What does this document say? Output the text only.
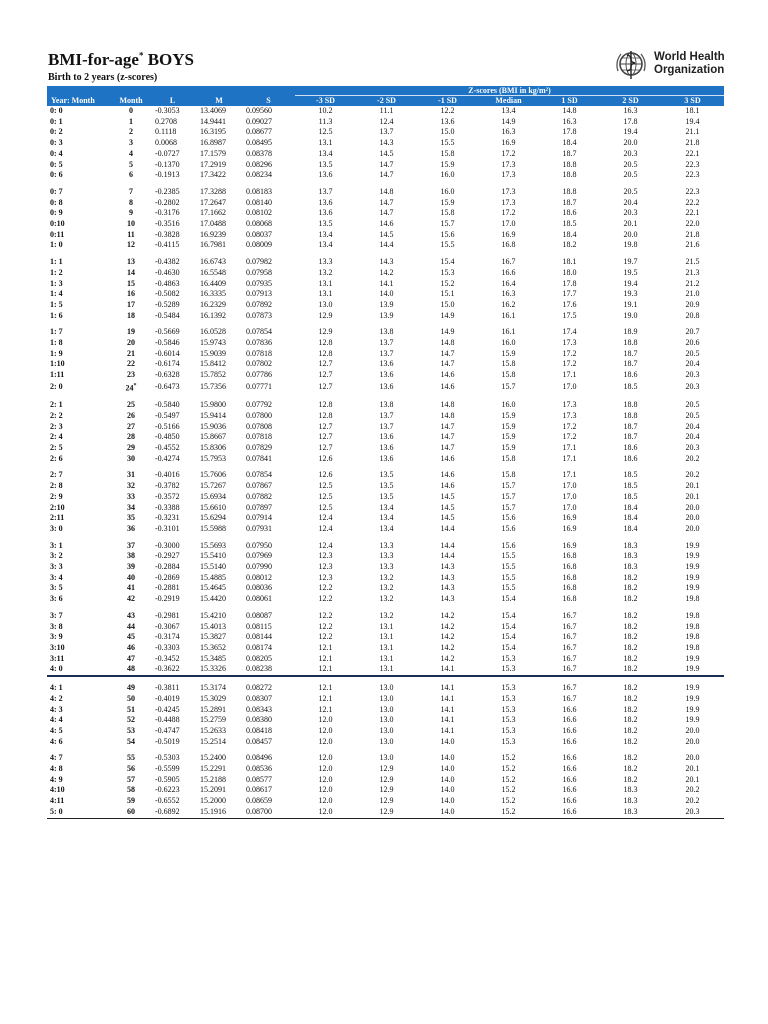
BMI-for-age* BOYS
Birth to 2 years (z-scores)
World Health
Organization
					Z-scores (BMI in kg/m²)						
Year: Month	Month	L	M	S	-3 SD	-2 SD	-1 SD	Median	1 SD	2 SD	3 SD
0: 0	0	-0.3053	13.4069	0.09560	10.2	11.1	12.2	13.4	14.8	16.3	18.1
0: 1	1	0.2708	14.9441	0.09027	11.3	12.4	13.6	14.9	16.3	17.8	19.4
0: 2	2	0.1118	16.3195	0.08677	12.5	13.7	15.0	16.3	17.8	19.4	21.1
0: 3	3	0.0068	16.8987	0.08495	13.1	14.3	15.5	16.9	18.4	20.0	21.8
0: 4	4	-0.0727	17.1579	0.08378	13.4	14.5	15.8	17.2	18.7	20.3	22.1
0: 5	5	-0.1370	17.2919	0.08296	13.5	14.7	15.9	17.3	18.8	20.5	22.3
0: 6	6	-0.1913	17.3422	0.08234	13.6	14.7	16.0	17.3	18.8	20.5	22.3

0: 7	7	-0.2385	17.3288	0.08183	13.7	14.8	16.0	17.3	18.8	20.5	22.3
0: 8	8	-0.2802	17.2647	0.08140	13.6	14.7	15.9	17.3	18.7	20.4	22.2
0: 9	9	-0.3176	17.1662	0.08102	13.6	14.7	15.8	17.2	18.6	20.3	22.1
0:10	10	-0.3516	17.0488	0.08068	13.5	14.6	15.7	17.0	18.5	20.1	22.0
0:11	11	-0.3828	16.9239	0.08037	13.4	14.5	15.6	16.9	18.4	20.0	21.8
1: 0	12	-0.4115	16.7981	0.08009	13.4	14.4	15.5	16.8	18.2	19.8	21.6

1: 1	13	-0.4382	16.6743	0.07982	13.3	14.3	15.4	16.7	18.1	19.7	21.5
1: 2	14	-0.4630	16.5548	0.07958	13.2	14.2	15.3	16.6	18.0	19.5	21.3
1: 3	15	-0.4863	16.4409	0.07935	13.1	14.1	15.2	16.4	17.8	19.4	21.2
1: 4	16	-0.5082	16.3335	0.07913	13.1	14.0	15.1	16.3	17.7	19.3	21.0
1: 5	17	-0.5289	16.2329	0.07892	13.0	13.9	15.0	16.2	17.6	19.1	20.9
1: 6	18	-0.5484	16.1392	0.07873	12.9	13.9	14.9	16.1	17.5	19.0	20.8

1: 7	19	-0.5669	16.0528	0.07854	12.9	13.8	14.9	16.1	17.4	18.9	20.7
1: 8	20	-0.5846	15.9743	0.07836	12.8	13.7	14.8	16.0	17.3	18.8	20.6
1: 9	21	-0.6014	15.9039	0.07818	12.8	13.7	14.7	15.9	17.2	18.7	20.5
1:10	22	-0.6174	15.8412	0.07802	12.7	13.6	14.7	15.8	17.2	18.7	20.4
1:11	23	-0.6328	15.7852	0.07786	12.7	13.6	14.6	15.8	17.1	18.6	20.3
2: 0	24*	-0.6473	15.7356	0.07771	12.7	13.6	14.6	15.7	17.0	18.5	20.3

2: 1	25	-0.5840	15.9800	0.07792	12.8	13.8	14.8	16.0	17.3	18.8	20.5
2: 2	26	-0.5497	15.9414	0.07800	12.8	13.7	14.8	15.9	17.3	18.8	20.5
2: 3	27	-0.5166	15.9036	0.07808	12.7	13.7	14.7	15.9	17.2	18.7	20.4
2: 4	28	-0.4850	15.8667	0.07818	12.7	13.6	14.7	15.9	17.2	18.7	20.4
2: 5	29	-0.4552	15.8306	0.07829	12.7	13.6	14.7	15.9	17.1	18.6	20.3
2: 6	30	-0.4274	15.7953	0.07841	12.6	13.6	14.6	15.8	17.1	18.6	20.2

2: 7	31	-0.4016	15.7606	0.07854	12.6	13.5	14.6	15.8	17.1	18.5	20.2
2: 8	32	-0.3782	15.7267	0.07867	12.5	13.5	14.6	15.7	17.0	18.5	20.1
2: 9	33	-0.3572	15.6934	0.07882	12.5	13.5	14.5	15.7	17.0	18.5	20.1
2:10	34	-0.3388	15.6610	0.07897	12.5	13.4	14.5	15.7	17.0	18.4	20.0
2:11	35	-0.3231	15.6294	0.07914	12.4	13.4	14.5	15.6	16.9	18.4	20.0
3: 0	36	-0.3101	15.5988	0.07931	12.4	13.4	14.4	15.6	16.9	18.4	20.0

3: 1	37	-0.3000	15.5693	0.07950	12.4	13.3	14.4	15.6	16.9	18.3	19.9
3: 2	38	-0.2927	15.5410	0.07969	12.3	13.3	14.4	15.5	16.8	18.3	19.9
3: 3	39	-0.2884	15.5140	0.07990	12.3	13.3	14.3	15.5	16.8	18.3	19.9
3: 4	40	-0.2869	15.4885	0.08012	12.3	13.2	14.3	15.5	16.8	18.2	19.9
3: 5	41	-0.2881	15.4645	0.08036	12.2	13.2	14.3	15.5	16.8	18.2	19.9
3: 6	42	-0.2919	15.4420	0.08061	12.2	13.2	14.3	15.4	16.8	18.2	19.8

3: 7	43	-0.2981	15.4210	0.08087	12.2	13.2	14.2	15.4	16.7	18.2	19.8
3: 8	44	-0.3067	15.4013	0.08115	12.2	13.1	14.2	15.4	16.7	18.2	19.8
3: 9	45	-0.3174	15.3827	0.08144	12.2	13.1	14.2	15.4	16.7	18.2	19.8
3:10	46	-0.3303	15.3652	0.08174	12.1	13.1	14.2	15.4	16.7	18.2	19.8
3:11	47	-0.3452	15.3485	0.08205	12.1	13.1	14.2	15.3	16.7	18.2	19.9
4: 0	48	-0.3622	15.3326	0.08238	12.1	13.1	14.1	15.3	16.7	18.2	19.9

4: 1	49	-0.3811	15.3174	0.08272	12.1	13.0	14.1	15.3	16.7	18.2	19.9
4: 2	50	-0.4019	15.3029	0.08307	12.1	13.0	14.1	15.3	16.7	18.2	19.9
4: 3	51	-0.4245	15.2891	0.08343	12.1	13.0	14.1	15.3	16.6	18.2	19.9
4: 4	52	-0.4488	15.2759	0.08380	12.0	13.0	14.1	15.3	16.6	18.2	19.9
4: 5	53	-0.4747	15.2633	0.08418	12.0	13.0	14.1	15.3	16.6	18.2	20.0
4: 6	54	-0.5019	15.2514	0.08457	12.0	13.0	14.0	15.3	16.6	18.2	20.0

4: 7	55	-0.5303	15.2400	0.08496	12.0	13.0	14.0	15.2	16.6	18.2	20.0
4: 8	56	-0.5599	15.2291	0.08536	12.0	12.9	14.0	15.2	16.6	18.2	20.1
4: 9	57	-0.5905	15.2188	0.08577	12.0	12.9	14.0	15.2	16.6	18.2	20.1
4:10	58	-0.6223	15.2091	0.08617	12.0	12.9	14.0	15.2	16.6	18.3	20.2
4:11	59	-0.6552	15.2000	0.08659	12.0	12.9	14.0	15.2	16.6	18.3	20.2
5: 0	60	-0.6892	15.1916	0.08700	12.0	12.9	14.0	15.2	16.6	18.3	20.3
